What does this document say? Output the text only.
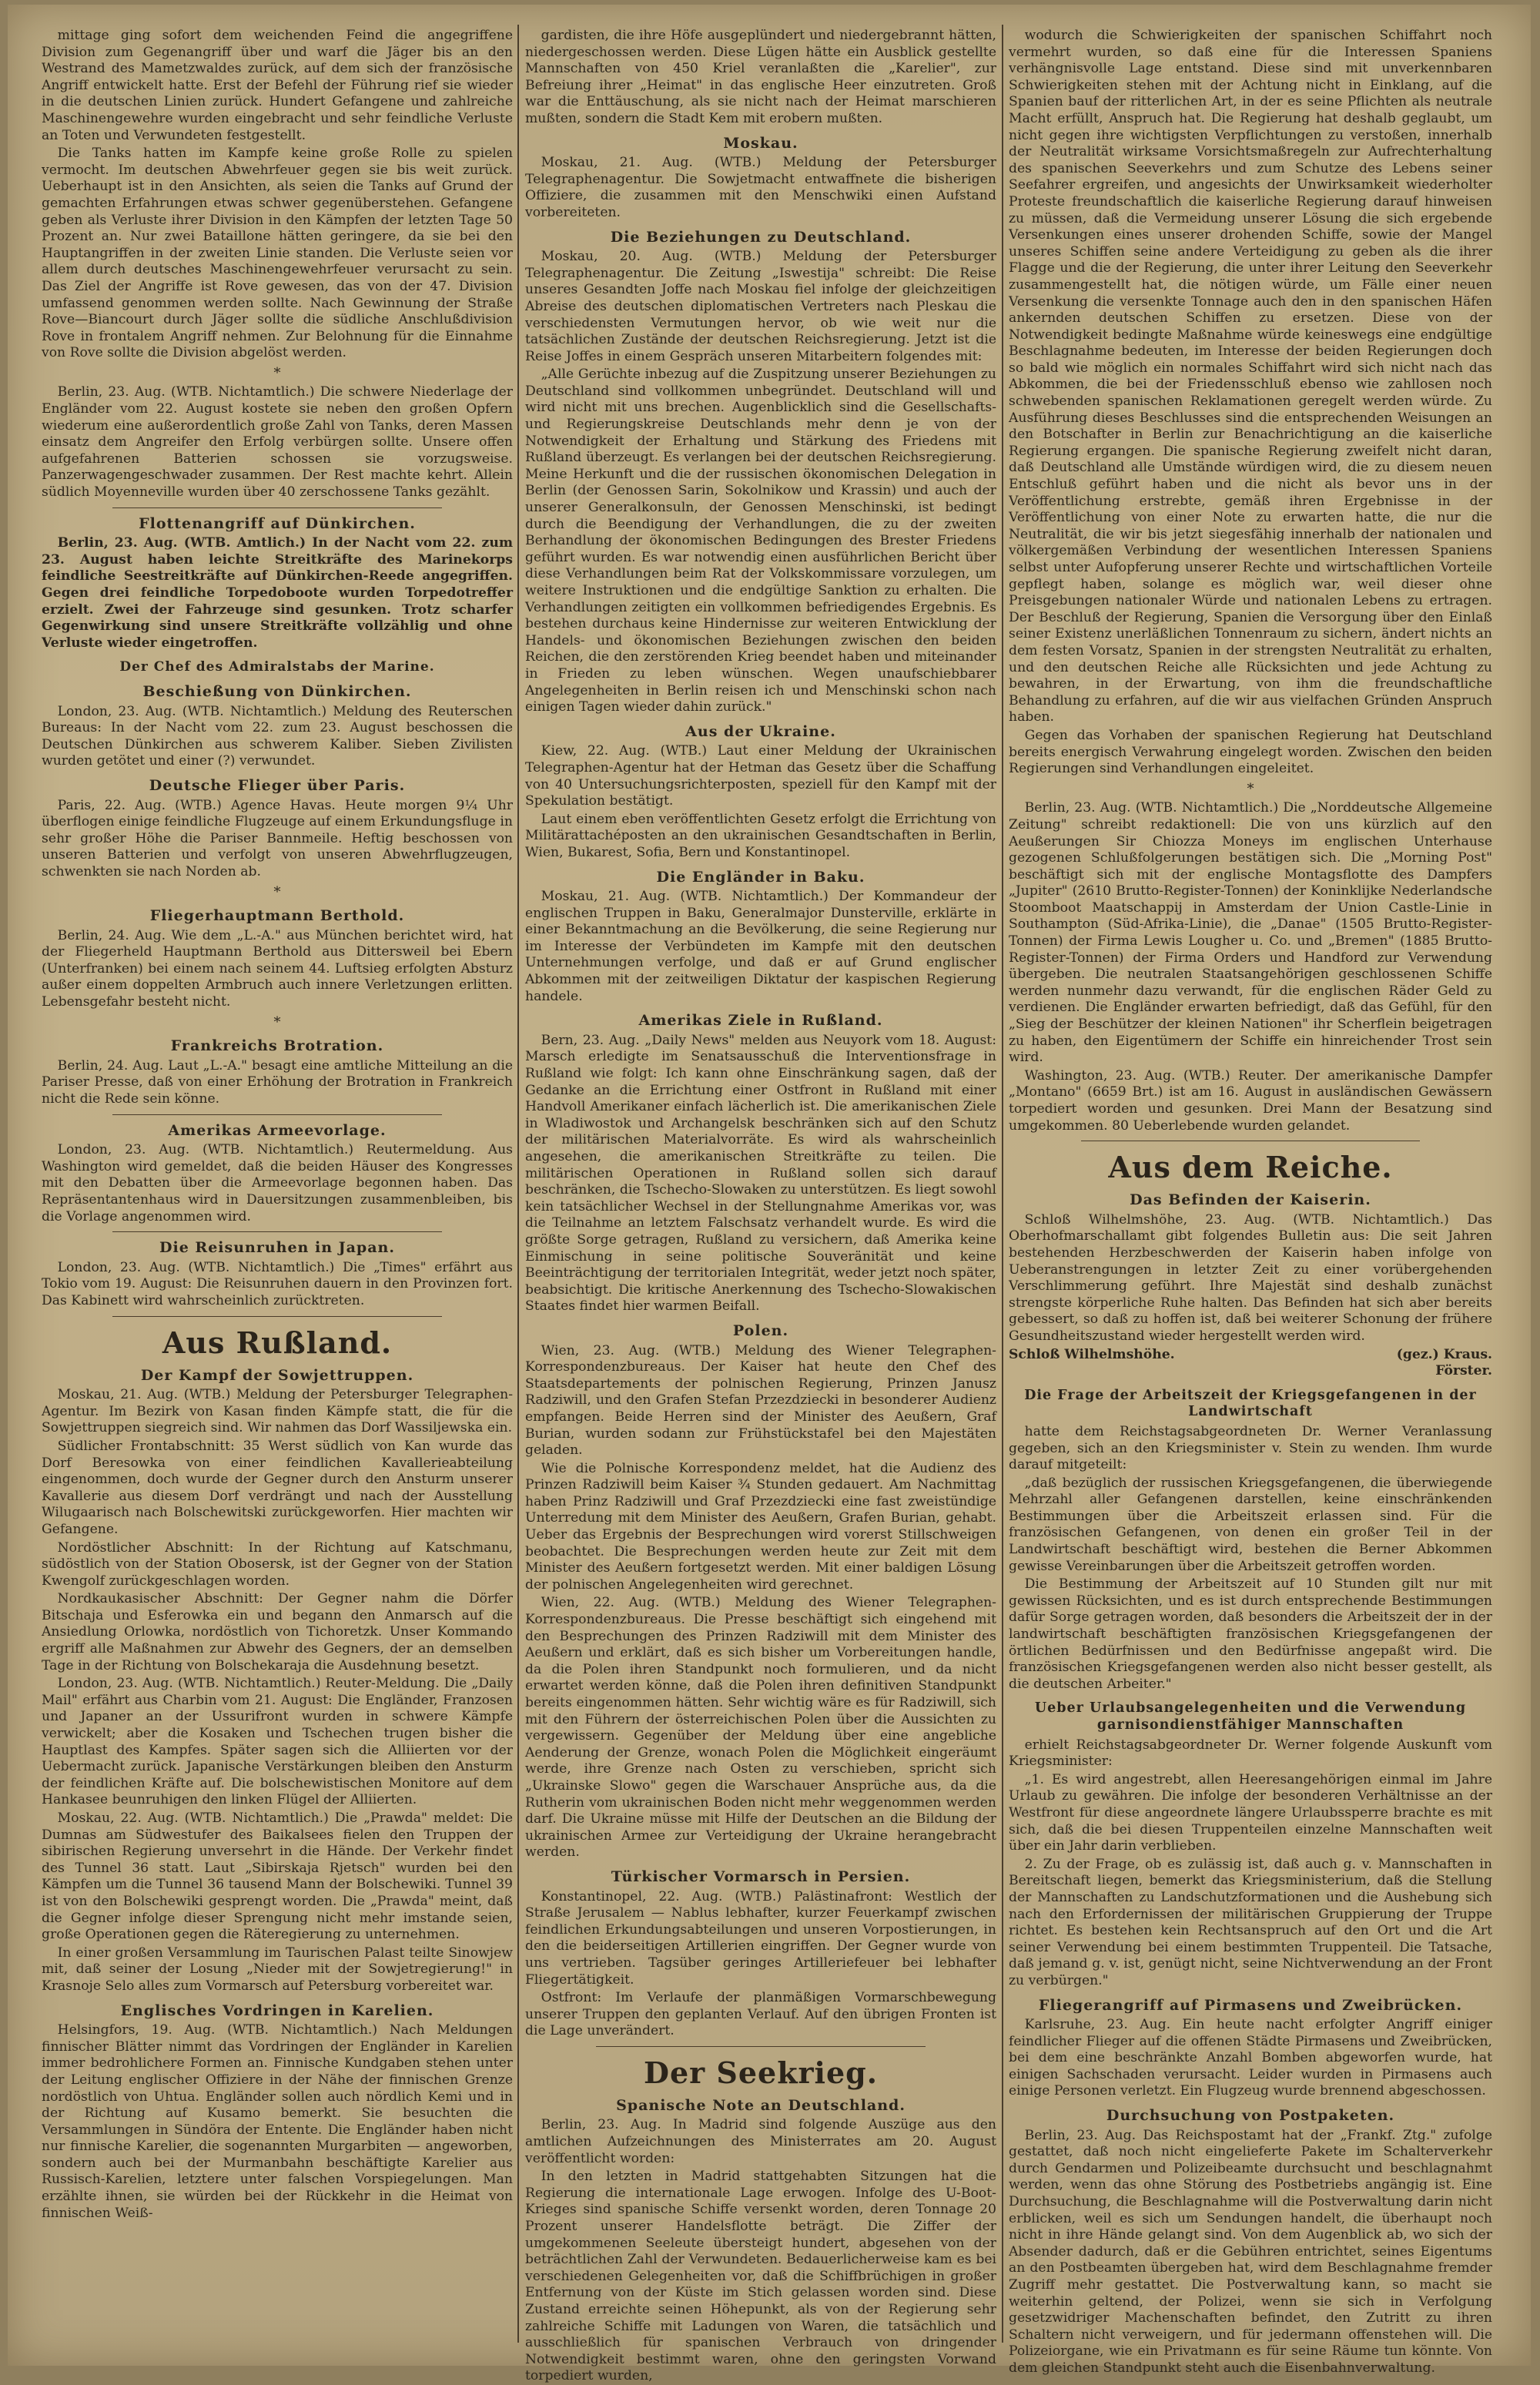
mittage ging sofort dem weichenden Feind die angegriffene Division zum Gegenangriff über und warf die Jäger bis an den Westrand des Mametzwaldes zurück, auf dem sich der französische Angriff entwickelt hatte. Erst der Befehl der Führung rief sie wieder in die deutschen Linien zurück. Hundert Gefangene und zahlreiche Maschinengewehre wurden eingebracht und sehr feindliche Verluste an Toten und Verwundeten festgestellt.

Die Tanks hatten im Kampfe keine große Rolle zu spielen vermocht. Im deutschen Abwehrfeuer gegen sie bis weit zurück. Ueberhaupt ist in den Ansichten, als seien die Tanks auf Grund der gemachten Erfahrungen etwas schwer gegenüberstehen. Gefangene geben als Verluste ihrer Division in den Kämpfen der letzten Tage 50 Prozent an. Nur zwei Bataillone hätten geringere, da sie bei den Hauptangriffen in der zweiten Linie standen. Die Verluste seien vor allem durch deutsches Maschinengewehrfeuer verursacht zu sein. Das Ziel der Angriffe ist Rove gewesen, das von der 47. Division umfassend genommen werden sollte. Nach Gewinnung der Straße Rove—Biancourt durch Jäger sollte die südliche Anschlußdivision Rove in frontalem Angriff nehmen. Zur Belohnung für die Einnahme von Rove sollte die Division abgelöst werden.

*

Berlin, 23. Aug. (WTB. Nichtamtlich.) Die schwere Niederlage der Engländer vom 22. August kostete sie neben den großen Opfern wiederum eine außerordentlich große Zahl von Tanks, deren Massen einsatz dem Angreifer den Erfolg verbürgen sollte. Unsere offen aufgefahrenen Batterien schossen sie vorzugsweise. Panzerwagengeschwader zusammen. Der Rest machte kehrt. Allein südlich Moyenneville wurden über 40 zerschossene Tanks gezählt.

Flottenangriff auf Dünkirchen.

Berlin, 23. Aug. (WTB. Amtlich.) In der Nacht vom 22. zum 23. August haben leichte Streitkräfte des Marinekorps feindliche Seestreitkräfte auf Dünkirchen-Reede angegriffen. Gegen drei feindliche Torpedoboote wurden Torpedotreffer erzielt. Zwei der Fahrzeuge sind gesunken. Trotz scharfer Gegenwirkung sind unsere Streitkräfte vollzählig und ohne Verluste wieder eingetroffen.

Der Chef des Admiralstabs der Marine.

Beschießung von Dünkirchen.

London, 23. Aug. (WTB. Nichtamtlich.) Meldung des Reuterschen Bureaus: In der Nacht vom 22. zum 23. August beschossen die Deutschen Dünkirchen aus schwerem Kaliber. Sieben Zivilisten wurden getötet und einer (?) verwundet.

Deutsche Flieger über Paris.

Paris, 22. Aug. (WTB.) Agence Havas. Heute morgen 9¼ Uhr überflogen einige feindliche Flugzeuge auf einem Erkundungsfluge in sehr großer Höhe die Pariser Bannmeile. Heftig beschossen von unseren Batterien und verfolgt von unseren Abwehrflugzeugen, schwenkten sie nach Norden ab.

*
Fliegerhauptmann Berthold.

Berlin, 24. Aug. Wie dem „L.-A." aus München berichtet wird, hat der Fliegerheld Hauptmann Berthold aus Dittersweil bei Ebern (Unterfranken) bei einem nach seinem 44. Luftsieg erfolgten Absturz außer einem doppelten Armbruch auch innere Verletzungen erlitten. Lebensgefahr besteht nicht.

*
Frankreichs Brotration.

Berlin, 24. Aug. Laut „L.-A." besagt eine amtliche Mitteilung an die Pariser Presse, daß von einer Erhöhung der Brotration in Frankreich nicht die Rede sein könne.

Amerikas Armeevorlage.

London, 23. Aug. (WTB. Nichtamtlich.) Reutermeldung. Aus Washington wird gemeldet, daß die beiden Häuser des Kongresses mit den Debatten über die Armeevorlage begonnen haben. Das Repräsentantenhaus wird in Dauersitzungen zusammenbleiben, bis die Vorlage angenommen wird.

Die Reisunruhen in Japan.

London, 23. Aug. (WTB. Nichtamtlich.) Die „Times" erfährt aus Tokio vom 19. August: Die Reisunruhen dauern in den Provinzen fort. Das Kabinett wird wahrscheinlich zurücktreten.

Aus Rußland.
Der Kampf der Sowjettruppen.

Moskau, 21. Aug. (WTB.) Meldung der Petersburger Telegraphen-Agentur. Im Bezirk von Kasan finden Kämpfe statt, die für die Sowjettruppen siegreich sind. Wir nahmen das Dorf Wassiljewska ein.

Südlicher Frontabschnitt: 35 Werst südlich von Kan wurde das Dorf Beresowka von einer feindlichen Kavallerieabteilung eingenommen, doch wurde der Gegner durch den Ansturm unserer Kavallerie aus diesem Dorf verdrängt und nach der Ausstellung Wilugaarisch nach Bolschewitski zurückgeworfen. Hier machten wir Gefangene.

Nordöstlicher Abschnitt: In der Richtung auf Katschmanu, südöstlich von der Station Obosersk, ist der Gegner von der Station Kwengolf zurückgeschlagen worden.

Nordkaukasischer Abschnitt: Der Gegner nahm die Dörfer Bitschaja und Esferowka ein und begann den Anmarsch auf die Ansiedlung Orlowka, nordöstlich von Tichoretzk. Unser Kommando ergriff alle Maßnahmen zur Abwehr des Gegners, der an demselben Tage in der Richtung von Bolschekaraja die Ausdehnung besetzt.

London, 23. Aug. (WTB. Nichtamtlich.) Reuter-Meldung. Die „Daily Mail" erfährt aus Charbin vom 21. August: Die Engländer, Franzosen und Japaner an der Ussurifront wurden in schwere Kämpfe verwickelt; aber die Kosaken und Tschechen trugen bisher die Hauptlast des Kampfes. Später sagen sich die Alliierten vor der Uebermacht zurück. Japanische Verstärkungen bleiben den Ansturm der feindlichen Kräfte auf. Die bolschewistischen Monitore auf dem Hankasee beunruhigen den linken Flügel der Alliierten.

Moskau, 22. Aug. (WTB. Nichtamtlich.) Die „Prawda" meldet: Die Dumnas am Südwestufer des Baikalsees fielen den Truppen der sibirischen Regierung unversehrt in die Hände. Der Verkehr findet des Tunnel 36 statt. Laut „Sibirskaja Rjetsch" wurden bei den Kämpfen um die Tunnel 36 tausend Mann der Bolschewiki. Tunnel 39 ist von den Bolschewiki gesprengt worden. Die „Prawda" meint, daß die Gegner infolge dieser Sprengung nicht mehr imstande seien, große Operationen gegen die Räteregierung zu unternehmen.

In einer großen Versammlung im Taurischen Palast teilte Sinowjew mit, daß seiner der Losung „Nieder mit der Sowjetregierung!" in Krasnoje Selo alles zum Vormarsch auf Petersburg vorbereitet war.

Englisches Vordringen in Karelien.

Helsingfors, 19. Aug. (WTB. Nichtamtlich.) Nach Meldungen finnischer Blätter nimmt das Vordringen der Engländer in Karelien immer bedrohlichere Formen an. Finnische Kundgaben stehen unter der Leitung englischer Offiziere in der Nähe der finnischen Grenze nordöstlich von Uhtua. Engländer sollen auch nördlich Kemi und in der Richtung auf Kusamo bemerkt. Sie besuchten die Versammlungen in Sündöra der Entente. Die Engländer haben nicht nur finnische Karelier, die sogenannten Murgarbiten — angeworben, sondern auch bei der Murmanbahn beschäftigte Karelier aus Russisch-Karelien, letztere unter falschen Vorspiegelungen. Man erzählte ihnen, sie würden bei der Rückkehr in die Heimat von finnischen Weiß-

gardisten, die ihre Höfe ausgeplündert und niedergebrannt hätten, niedergeschossen werden. Diese Lügen hätte ein Ausblick gestellte Mannschaften von 450 Kriel veranlaßten die „Karelier", zur Befreiung ihrer „Heimat" in das englische Heer einzutreten. Groß war die Enttäuschung, als sie nicht nach der Heimat marschieren mußten, sondern die Stadt Kem mit erobern mußten.

Moskau.

Moskau, 21. Aug. (WTB.) Meldung der Petersburger Telegraphenagentur. Die Sowjetmacht entwaffnete die bisherigen Offiziere, die zusammen mit den Menschwiki einen Aufstand vorbereiteten.

Die Beziehungen zu Deutschland.

Moskau, 20. Aug. (WTB.) Meldung der Petersburger Telegraphenagentur. Die Zeitung „Iswestija" schreibt: Die Reise unseres Gesandten Joffe nach Moskau fiel infolge der gleichzeitigen Abreise des deutschen diplomatischen Vertreters nach Pleskau die verschiedensten Vermutungen hervor, ob wie weit nur die tatsächlichen Zustände der deutschen Reichsregierung. Jetzt ist die Reise Joffes in einem Gespräch unseren Mitarbeitern folgendes mit:

„Alle Gerüchte inbezug auf die Zuspitzung unserer Beziehungen zu Deutschland sind vollkommen unbegründet. Deutschland will und wird nicht mit uns brechen. Augenblicklich sind die Gesellschafts- und Regierungskreise Deutschlands mehr denn je von der Notwendigkeit der Erhaltung und Stärkung des Friedens mit Rußland überzeugt. Es verlangen bei der deutschen Reichsregierung. Meine Herkunft und die der russischen ökonomischen Delegation in Berlin (der Genossen Sarin, Sokolnikow und Krassin) und auch der unserer Generalkonsuln, der Genossen Menschinski, ist bedingt durch die Beendigung der Verhandlungen, die zu der zweiten Berhandlung der ökonomischen Bedingungen des Brester Friedens geführt wurden. Es war notwendig einen ausführlichen Bericht über diese Verhandlungen beim Rat der Volkskommissare vorzulegen, um weitere Instruktionen und die endgültige Sanktion zu erhalten. Die Verhandlungen zeitigten ein vollkommen befriedigendes Ergebnis. Es bestehen durchaus keine Hindernisse zur weiteren Entwicklung der Handels- und ökonomischen Beziehungen zwischen den beiden Reichen, die den zerstörenden Krieg beendet haben und miteinander in Frieden zu leben wünschen. Wegen unaufschiebbarer Angelegenheiten in Berlin reisen ich und Menschinski schon nach einigen Tagen wieder dahin zurück."

Aus der Ukraine.

Kiew, 22. Aug. (WTB.) Laut einer Meldung der Ukrainischen Telegraphen-Agentur hat der Hetman das Gesetz über die Schaffung von 40 Untersuchungsrichterposten, speziell für den Kampf mit der Spekulation bestätigt.

Laut einem eben veröffentlichten Gesetz erfolgt die Errichtung von Militärattachéposten an den ukrainischen Gesandtschaften in Berlin, Wien, Bukarest, Sofia, Bern und Konstantinopel.

Die Engländer in Baku.

Moskau, 21. Aug. (WTB. Nichtamtlich.) Der Kommandeur der englischen Truppen in Baku, Generalmajor Dunsterville, erklärte in einer Bekanntmachung an die Bevölkerung, die seine Regierung nur im Interesse der Verbündeten im Kampfe mit den deutschen Unternehmungen verfolge, und daß er auf Grund englischer Abkommen mit der zeitweiligen Diktatur der kaspischen Regierung handele.

Amerikas Ziele in Rußland.

Bern, 23. Aug. „Daily News" melden aus Neuyork vom 18. August: Marsch erledigte im Senatsausschuß die Interventionsfrage in Rußland wie folgt: Ich kann ohne Einschränkung sagen, daß der Gedanke an die Errichtung einer Ostfront in Rußland mit einer Handvoll Amerikaner einfach lächerlich ist. Die amerikanischen Ziele in Wladiwostok und Archangelsk beschränken sich auf den Schutz der militärischen Materialvorräte. Es wird als wahrscheinlich angesehen, die amerikanischen Streitkräfte zu teilen. Die militärischen Operationen in Rußland sollen sich darauf beschränken, die Tschecho-Slowaken zu unterstützen. Es liegt sowohl kein tatsächlicher Wechsel in der Stellungnahme Amerikas vor, was die Teilnahme an letztem Falschsatz verhandelt wurde. Es wird die größte Sorge getragen, Rußland zu versichern, daß Amerika keine Einmischung in seine politische Souveränität und keine Beeinträchtigung der territorialen Integrität, weder jetzt noch später, beabsichtigt. Die kritische Anerkennung des Tschecho-Slowakischen Staates findet hier warmen Beifall.

Polen.

Wien, 23. Aug. (WTB.) Meldung des Wiener Telegraphen-Korrespondenzbureaus. Der Kaiser hat heute den Chef des Staatsdepartements der polnischen Regierung, Prinzen Janusz Radziwill, und den Grafen Stefan Przezdziecki in besonderer Audienz empfangen. Beide Herren sind der Minister des Aeußern, Graf Burian, wurden sodann zur Frühstückstafel bei den Majestäten geladen.

Wie die Polnische Korrespondenz meldet, hat die Audienz des Prinzen Radziwill beim Kaiser ¾ Stunden gedauert. Am Nachmittag haben Prinz Radziwill und Graf Przezdziecki eine fast zweistündige Unterredung mit dem Minister des Aeußern, Grafen Burian, gehabt. Ueber das Ergebnis der Besprechungen wird vorerst Stillschweigen beobachtet. Die Besprechungen werden heute zur Zeit mit dem Minister des Aeußern fortgesetzt werden. Mit einer baldigen Lösung der polnischen Angelegenheiten wird gerechnet.

Wien, 22. Aug. (WTB.) Meldung des Wiener Telegraphen-Korrespondenzbureaus. Die Presse beschäftigt sich eingehend mit den Besprechungen des Prinzen Radziwill mit dem Minister des Aeußern und erklärt, daß es sich bisher um Vorbereitungen handle, da die Polen ihren Standpunkt noch formulieren, und da nicht erwartet werden könne, daß die Polen ihren definitiven Standpunkt bereits eingenommen hätten. Sehr wichtig wäre es für Radziwill, sich mit den Führern der österreichischen Polen über die Aussichten zu vergewissern. Gegenüber der Meldung über eine angebliche Aenderung der Grenze, wonach Polen die Möglichkeit eingeräumt werde, ihre Grenze nach Osten zu verschieben, spricht sich „Ukrainske Slowo" gegen die Warschauer Ansprüche aus, da die Rutherin vom ukrainischen Boden nicht mehr weggenommen werden darf. Die Ukraine müsse mit Hilfe der Deutschen an die Bildung der ukrainischen Armee zur Verteidigung der Ukraine herangebracht werden.

Türkischer Vormarsch in Persien.

Konstantinopel, 22. Aug. (WTB.) Palästinafront: Westlich der Straße Jerusalem — Nablus lebhafter, kurzer Feuerkampf zwischen feindlichen Erkundungsabteilungen und unseren Vorpostierungen, in den die beiderseitigen Artillerien eingriffen. Der Gegner wurde von uns vertrieben. Tagsüber geringes Artilleriefeuer bei lebhafter Fliegertätigkeit.

Ostfront: Im Verlaufe der planmäßigen Vormarschbewegung unserer Truppen den geplanten Verlauf. Auf den übrigen Fronten ist die Lage unverändert.

Der Seekrieg.
Spanische Note an Deutschland.

Berlin, 23. Aug. In Madrid sind folgende Auszüge aus den amtlichen Aufzeichnungen des Ministerrates am 20. August veröffentlicht worden:

In den letzten in Madrid stattgehabten Sitzungen hat die Regierung die internationale Lage erwogen. Infolge des U-Boot-Krieges sind spanische Schiffe versenkt worden, deren Tonnage 20 Prozent unserer Handelsflotte beträgt. Die Ziffer der umgekommenen Seeleute übersteigt hundert, abgesehen von der beträchtlichen Zahl der Verwundeten. Bedauerlicherweise kam es bei verschiedenen Gelegenheiten vor, daß die Schiffbrüchigen in großer Entfernung von der Küste im Stich gelassen worden sind. Diese Zustand erreichte seinen Höhepunkt, als von der Regierung sehr zahlreiche Schiffe mit Ladungen von Waren, die tatsächlich und ausschließlich für spanischen Verbrauch von dringender Notwendigkeit bestimmt waren, ohne den geringsten Vorwand torpediert wurden,

wodurch die Schwierigkeiten der spanischen Schiffahrt noch vermehrt wurden, so daß eine für die Interessen Spaniens verhängnisvolle Lage entstand. Diese sind mit unverkennbaren Schwierigkeiten stehen mit der Achtung nicht in Einklang, auf die Spanien bauf der ritterlichen Art, in der es seine Pflichten als neutrale Macht erfüllt, Anspruch hat. Die Regierung hat deshalb geglaubt, um nicht gegen ihre wichtigsten Verpflichtungen zu verstoßen, innerhalb der Neutralität wirksame Vorsichtsmaßregeln zur Aufrechterhaltung des spanischen Seeverkehrs und zum Schutze des Lebens seiner Seefahrer ergreifen, und angesichts der Unwirksamkeit wiederholter Proteste freundschaftlich die kaiserliche Regierung darauf hinweisen zu müssen, daß die Vermeidung unserer Lösung die sich ergebende Versenkungen eines unserer drohenden Schiffe, sowie der Mangel unseres Schiffen seine andere Verteidigung zu geben als die ihrer Flagge und die der Regierung, die unter ihrer Leitung den Seeverkehr zusammengestellt hat, die nötigen würde, um Fälle einer neuen Versenkung die versenkte Tonnage auch den in den spanischen Häfen ankernden deutschen Schiffen zu ersetzen. Diese von der Notwendigkeit bedingte Maßnahme würde keineswegs eine endgültige Beschlagnahme bedeuten, im Interesse der beiden Regierungen doch so bald wie möglich ein normales Schiffahrt wird sich nicht nach das Abkommen, die bei der Friedensschluß ebenso wie zahllosen noch schwebenden spanischen Reklamationen geregelt werden würde. Zu Ausführung dieses Beschlusses sind die entsprechenden Weisungen an den Botschafter in Berlin zur Benachrichtigung an die kaiserliche Regierung ergangen. Die spanische Regierung zweifelt nicht daran, daß Deutschland alle Umstände würdigen wird, die zu diesem neuen Entschluß geführt haben und die nicht als bevor uns in der Veröffentlichung erstrebte, gemäß ihren Ergebnisse in der Veröffentlichung von einer Note zu erwarten hatte, die nur die Neutralität, die wir bis jetzt siegesfähig innerhalb der nationalen und völkergemäßen Verbindung der wesentlichen Interessen Spaniens selbst unter Aufopferung unserer Rechte und wirtschaftlichen Vorteile gepflegt haben, solange es möglich war, weil dieser ohne Preisgebungen nationaler Würde und nationalen Lebens zu ertragen. Der Beschluß der Regierung, Spanien die Versorgung über den Einlaß seiner Existenz unerläßlichen Tonnenraum zu sichern, ändert nichts an dem festen Vorsatz, Spanien in der strengsten Neutralität zu erhalten, und den deutschen Reiche alle Rücksichten und jede Achtung zu bewahren, in der Erwartung, von ihm die freundschaftliche Behandlung zu erfahren, auf die wir aus vielfachen Gründen Anspruch haben.

Gegen das Vorhaben der spanischen Regierung hat Deutschland bereits energisch Verwahrung eingelegt worden. Zwischen den beiden Regierungen sind Verhandlungen eingeleitet.

*

Berlin, 23. Aug. (WTB. Nichtamtlich.) Die „Norddeutsche Allgemeine Zeitung" schreibt redaktionell: Die von uns kürzlich auf den Aeußerungen Sir Chiozza Moneys im englischen Unterhause gezogenen Schlußfolgerungen bestätigen sich. Die „Morning Post" beschäftigt sich mit der englische Montagsflotte des Dampfers „Jupiter" (2610 Brutto-Register-Tonnen) der Koninklijke Nederlandsche Stoomboot Maatschappij in Amsterdam der Union Castle-Linie in Southampton (Süd-Afrika-Linie), die „Danae" (1505 Brutto-Register-Tonnen) der Firma Lewis Lougher u. Co. und „Bremen" (1885 Brutto-Register-Tonnen) der Firma Orders und Handford zur Verwendung übergeben. Die neutralen Staatsangehörigen geschlossenen Schiffe werden nunmehr dazu verwandt, für die englischen Räder Geld zu verdienen. Die Engländer erwarten befriedigt, daß das Gefühl, für den „Sieg der Beschützer der kleinen Nationen" ihr Scherflein beigetragen zu haben, den Eigentümern der Schiffe ein hinreichender Trost sein wird.

Washington, 23. Aug. (WTB.) Reuter. Der amerikanische Dampfer „Montano" (6659 Brt.) ist am 16. August in ausländischen Gewässern torpediert worden und gesunken. Drei Mann der Besatzung sind umgekommen. 80 Ueberlebende wurden gelandet.

Aus dem Reiche.
Das Befinden der Kaiserin.

Schloß Wilhelmshöhe, 23. Aug. (WTB. Nichtamtlich.) Das Oberhofmarschallamt gibt folgendes Bulletin aus: Die seit Jahren bestehenden Herzbeschwerden der Kaiserin haben infolge von Ueberanstrengungen in letzter Zeit zu einer vorübergehenden Verschlimmerung geführt. Ihre Majestät sind deshalb zunächst strengste körperliche Ruhe halten. Das Befinden hat sich aber bereits gebessert, so daß zu hoffen ist, daß bei weiterer Schonung der frühere Gesundheitszustand wieder hergestellt werden wird.

Schloß Wilhelmshöhe.	(gez.) Kraus.
Förster.
Die Frage der Arbeitszeit der Kriegsgefangenen in der Landwirtschaft

hatte dem Reichstagsabgeordneten Dr. Werner Veranlassung gegeben, sich an den Kriegsminister v. Stein zu wenden. Ihm wurde darauf mitgeteilt:

„daß bezüglich der russischen Kriegsgefangenen, die überwiegende Mehrzahl aller Gefangenen darstellen, keine einschränkenden Bestimmungen über die Arbeitszeit erlassen sind. Für die französischen Gefangenen, von denen ein großer Teil in der Landwirtschaft beschäftigt wird, bestehen die Berner Abkommen gewisse Vereinbarungen über die Arbeitszeit getroffen worden.

Die Bestimmung der Arbeitszeit auf 10 Stunden gilt nur mit gewissen Rücksichten, und es ist durch entsprechende Bestimmungen dafür Sorge getragen worden, daß besonders die Arbeitszeit der in der landwirtschaft beschäftigten französischen Kriegsgefangenen der örtlichen Bedürfnissen und den Bedürfnisse angepaßt wird. Die französischen Kriegsgefangenen werden also nicht besser gestellt, als die deutschen Arbeiter."

Ueber Urlaubsangelegenheiten und die Verwendung garnisondienstfähiger Mannschaften

erhielt Reichstagsabgeordneter Dr. Werner folgende Auskunft vom Kriegsminister:

„1. Es wird angestrebt, allen Heeresangehörigen einmal im Jahre Urlaub zu gewähren. Die infolge der besonderen Verhältnisse an der Westfront für diese angeordnete längere Urlaubssperre brachte es mit sich, daß die bei diesen Truppenteilen einzelne Mannschaften weit über ein Jahr darin verblieben.

2. Zu der Frage, ob es zulässig ist, daß auch g. v. Mannschaften in Bereitschaft liegen, bemerkt das Kriegsministerium, daß die Stellung der Mannschaften zu Landschutzformationen und die Aushebung sich nach den Erfordernissen der militärischen Gruppierung der Truppe richtet. Es bestehen kein Rechtsanspruch auf den Ort und die Art seiner Verwendung bei einem bestimmten Truppenteil. Die Tatsache, daß jemand g. v. ist, genügt nicht, seine Nichtverwendung an der Front zu verbürgen."

Fliegerangriff auf Pirmasens und Zweibrücken.

Karlsruhe, 23. Aug. Ein heute nacht erfolgter Angriff einiger feindlicher Flieger auf die offenen Städte Pirmasens und Zweibrücken, bei dem eine beschränkte Anzahl Bomben abgeworfen wurde, hat einigen Sachschaden verursacht. Leider wurden in Pirmasens auch einige Personen verletzt. Ein Flugzeug wurde brennend abgeschossen.

Durchsuchung von Postpaketen.

Berlin, 23. Aug. Das Reichspostamt hat der „Frankf. Ztg." zufolge gestattet, daß noch nicht eingelieferte Pakete im Schalterverkehr durch Gendarmen und Polizeibeamte durchsucht und beschlagnahmt werden, wenn das ohne Störung des Postbetriebs angängig ist. Eine Durchsuchung, die Beschlagnahme will die Postverwaltung darin nicht erblicken, weil es sich um Sendungen handelt, die überhaupt noch nicht in ihre Hände gelangt sind. Von dem Augenblick ab, wo sich der Absender dadurch, daß er die Gebühren entrichtet, seines Eigentums an den Postbeamten übergeben hat, wird dem Beschlagnahme fremder Zugriff mehr gestattet. Die Postverwaltung kann, so macht sie weiterhin geltend, der Polizei, wenn sie sich in Verfolgung gesetzwidriger Machenschaften befindet, den Zutritt zu ihren Schaltern nicht verweigern, und für jedermann offenstehen will. Die Polizeiorgane, wie ein Privatmann es für seine Räume tun könnte. Von dem gleichen Standpunkt steht auch die Eisenbahnverwaltung.
